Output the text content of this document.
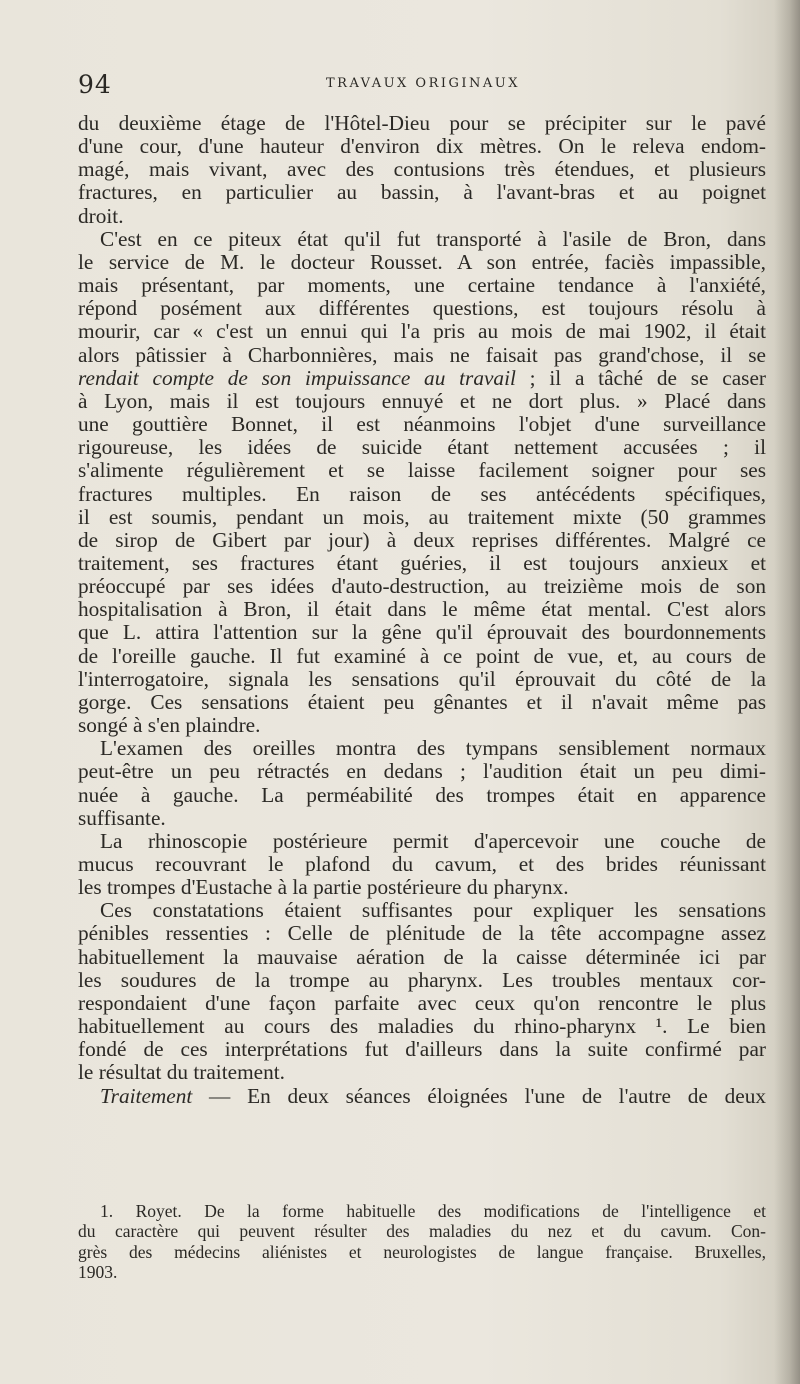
94	TRAVAUX ORIGINAUX
du deuxième étage de l'Hôtel-Dieu pour se précipiter sur le pavé
d'une cour, d'une hauteur d'environ dix mètres. On le releva endom-
magé, mais vivant, avec des contusions très étendues, et plusieurs
fractures, en particulier au bassin, à l'avant-bras et au poignet
droit.
C'est en ce piteux état qu'il fut transporté à l'asile de Bron, dans
le service de M. le docteur Rousset. A son entrée, faciès impassible,
mais présentant, par moments, une certaine tendance à l'anxiété,
répond posément aux différentes questions, est toujours résolu à
mourir, car « c'est un ennui qui l'a pris au mois de mai 1902, il était
alors pâtissier à Charbonnières, mais ne faisait pas grand'chose, il se
rendait compte de son impuissance au travail ; il a tâché de se caser
à Lyon, mais il est toujours ennuyé et ne dort plus. » Placé dans
une gouttière Bonnet, il est néanmoins l'objet d'une surveillance
rigoureuse, les idées de suicide étant nettement accusées ; il
s'alimente régulièrement et se laisse facilement soigner pour ses
fractures multiples. En raison de ses antécédents spécifiques,
il est soumis, pendant un mois, au traitement mixte (50 grammes
de sirop de Gibert par jour) à deux reprises différentes. Malgré ce
traitement, ses fractures étant guéries, il est toujours anxieux et
préoccupé par ses idées d'auto-destruction, au treizième mois de son
hospitalisation à Bron, il était dans le même état mental. C'est alors
que L. attira l'attention sur la gêne qu'il éprouvait des bourdonnements
de l'oreille gauche. Il fut examiné à ce point de vue, et, au cours de
l'interrogatoire, signala les sensations qu'il éprouvait du côté de la
gorge. Ces sensations étaient peu gênantes et il n'avait même pas
songé à s'en plaindre.
L'examen des oreilles montra des tympans sensiblement normaux
peut-être un peu rétractés en dedans ; l'audition était un peu dimi-
nuée à gauche. La perméabilité des trompes était en apparence
suffisante.
La rhinoscopie postérieure permit d'apercevoir une couche de
mucus recouvrant le plafond du cavum, et des brides réunissant
les trompes d'Eustache à la partie postérieure du pharynx.
Ces constatations étaient suffisantes pour expliquer les sensations
pénibles ressenties : Celle de plénitude de la tête accompagne assez
habituellement la mauvaise aération de la caisse déterminée ici par
les soudures de la trompe au pharynx. Les troubles mentaux cor-
respondaient d'une façon parfaite avec ceux qu'on rencontre le plus
habituellement au cours des maladies du rhino-pharynx ¹. Le bien
fondé de ces interprétations fut d'ailleurs dans la suite confirmé par
le résultat du traitement.
Traitement — En deux séances éloignées l'une de l'autre de deux
1. Royet. De la forme habituelle des modifications de l'intelligence et
du caractère qui peuvent résulter des maladies du nez et du cavum. Con-
grès des médecins aliénistes et neurologistes de langue française. Bruxelles,
1903.
